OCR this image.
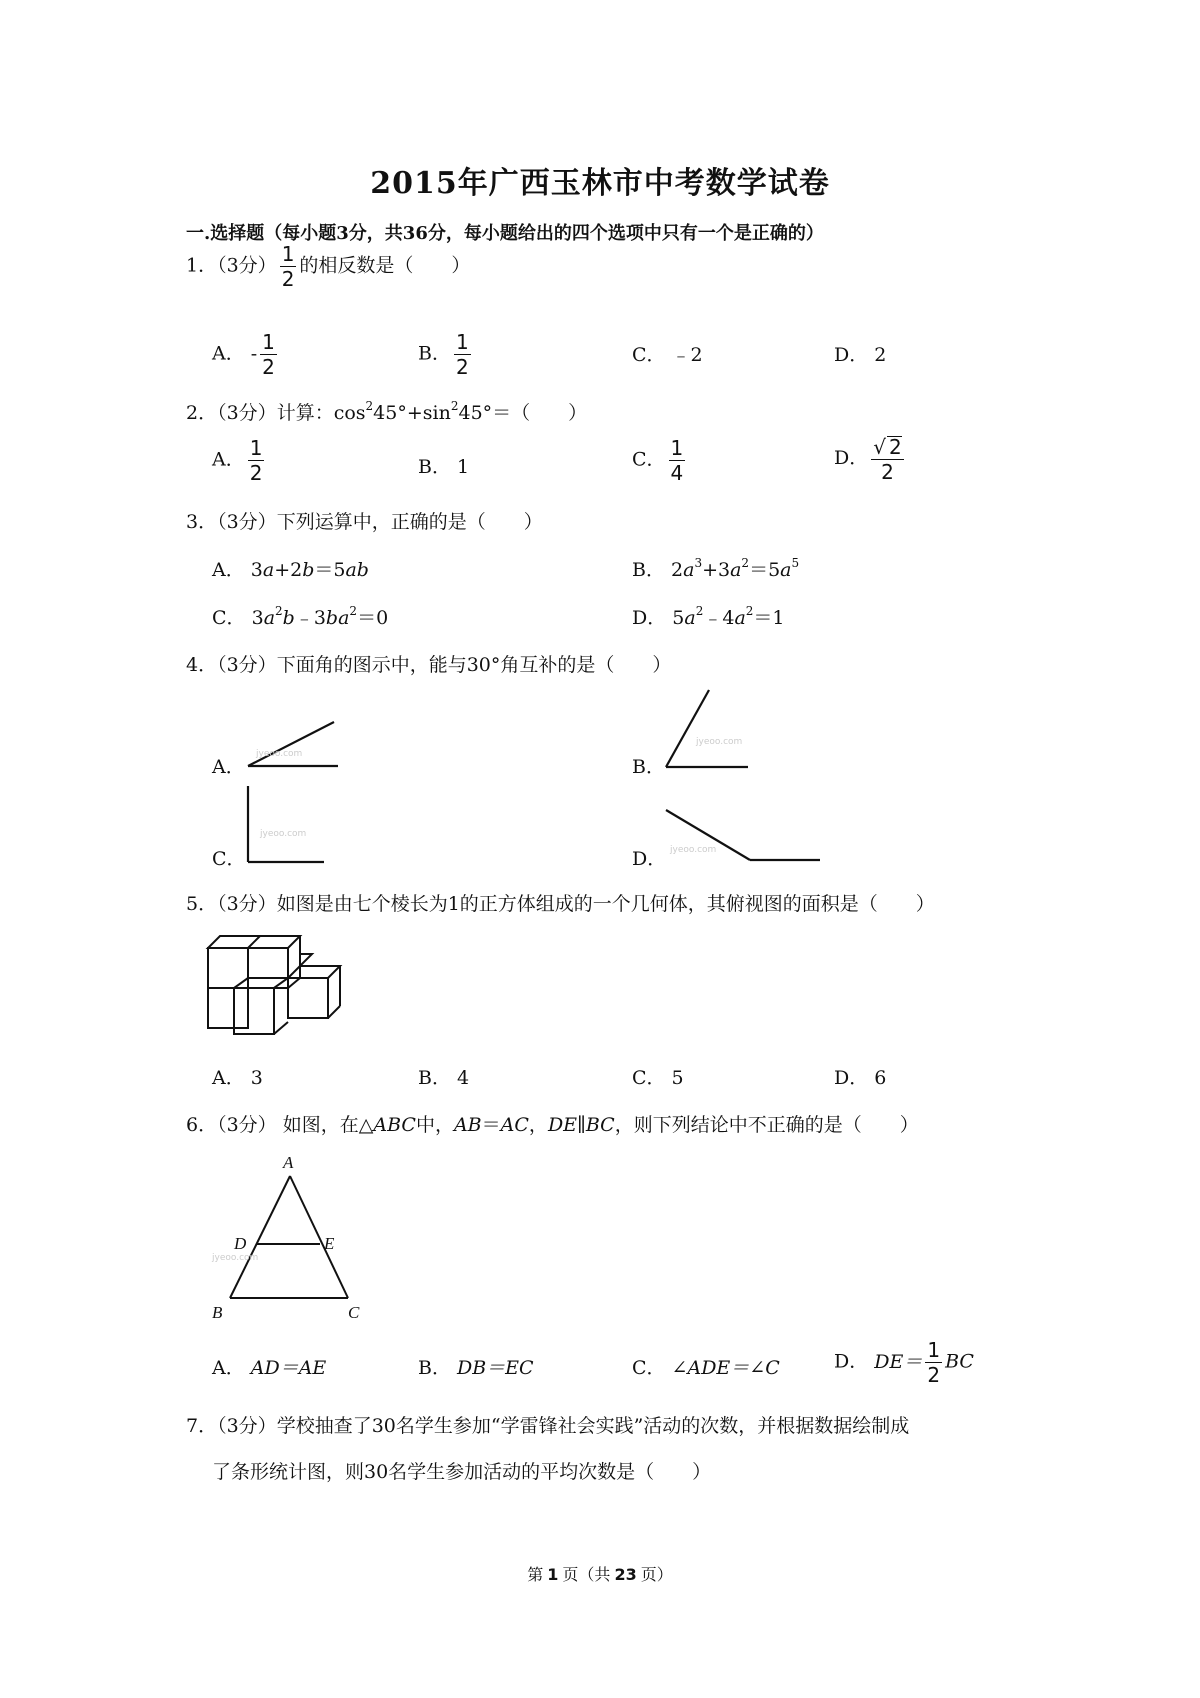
2015年广西玉林市中考数学试卷
一.选择题（每小题3分，共36分，每小题给出的四个选项中只有一个是正确的）
1．（3分） $\frac{1}{2}$ 的相反数是（　　）
A． - $\frac{1}{2}$	B． $\frac{1}{2}$	C． ﹣2	D． 2
2．（3分）计算：$\cos^245^\circ+\sin^245^\circ=$（　　）
A． $\frac{1}{2}$	B． 1	C． $\frac{1}{4}$	D． $\frac{√ 2}{2}$
3．（3分）下列运算中，正确的是（　　）
A． 3a+2b＝5ab	B． $2a^3+3a^2=5a^5$
C． $3a^2b﹣3ba^2=0$	D． $5a^2﹣4a^2=1$
4．（3分）下面角的图示中，能与30°角互补的是（　　）
A．
jyeoo.com
B．
jyeoo.com
C．
jyeoo.com
D． jyeoo.com
5．（3分）如图是由七个棱长为1的正方体组成的一个几何体，其俯视图的面积是（　　）
A． 3	B． 4	C． 5	D． 6
6．（3分） 如图，在△ABC中，AB＝AC，DE∥BC，则下列结论中不正确的是（　　）
A
D	E
B	C
jyeoo.com
A． AD＝AE	B． DB＝EC	C． ∠ADE＝∠C	D． $DE= \frac{1}{2}$ BC
7．（3分）学校抽查了30名学生参加“学雷锋社会实践”活动的次数，并根据数据绘制成
了条形统计图，则30名学生参加活动的平均次数是（　　）
第 1 页（共 23 页）
